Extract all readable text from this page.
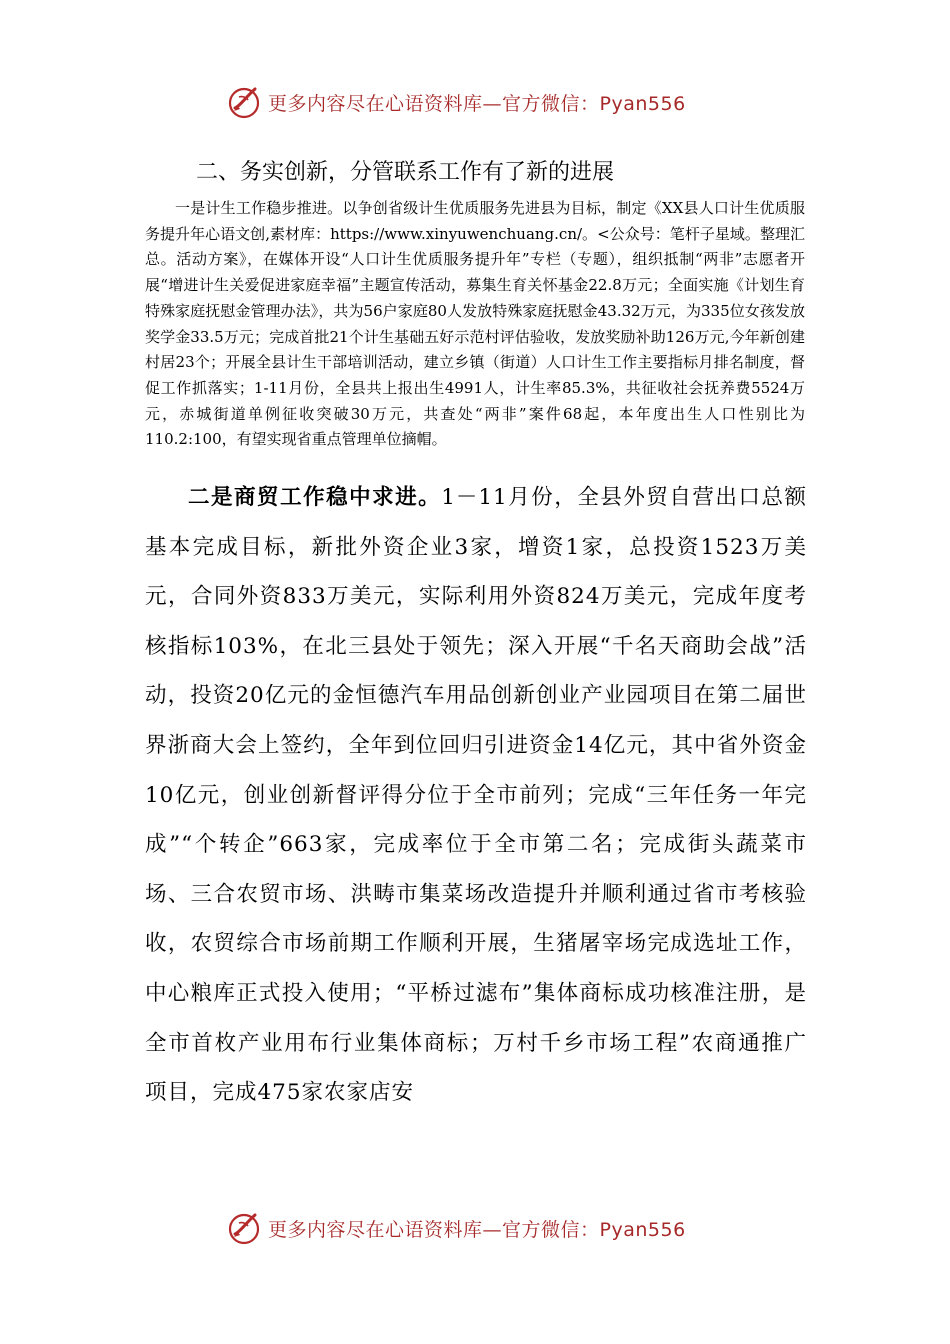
更多内容尽在心语资料库—官方微信：Pyan556
二、务实创新，分管联系工作有了新的进展
一是计生工作稳步推进。以争创省级计生优质服务先进县为目标，制定《XX县人口计生优质服务提升年心语文创,素材库：https://www.xinyuwenchuang.cn/。<公众号：笔杆子星域。整理汇总。活动方案》，在媒体开设“人口计生优质服务提升年”专栏（专题），组织抵制“两非”志愿者开展“增进计生关爱促进家庭幸福”主题宣传活动，募集生育关怀基金22.8万元；全面实施《计划生育特殊家庭抚慰金管理办法》，共为56户家庭80人发放特殊家庭抚慰金43.32万元，为335位女孩发放奖学金33.5万元；完成首批21个计生基础五好示范村评估验收，发放奖励补助126万元,今年新创建村居23个；开展全县计生干部培训活动，建立乡镇（街道）人口计生工作主要指标月排名制度，督促工作抓落实；1-11月份，全县共上报出生4991人，计生率85.3%，共征收社会抚养费5524万元，赤城街道单例征收突破30万元，共查处“两非”案件68起，本年度出生人口性别比为110.2:100，有望实现省重点管理单位摘帽。
二是商贸工作稳中求进。1－11月份，全县外贸自营出口总额基本完成目标，新批外资企业3家，增资1家，总投资1523万美元，合同外资833万美元，实际利用外资824万美元，完成年度考核指标103%，在北三县处于领先；深入开展“千名天商助会战”活动，投资20亿元的金恒德汽车用品创新创业产业园项目在第二届世界浙商大会上签约，全年到位回归引进资金14亿元，其中省外资金10亿元，创业创新督评得分位于全市前列；完成“三年任务一年完成”“个转企”663家，完成率位于全市第二名；完成街头蔬菜市场、三合农贸市场、洪畴市集菜场改造提升并顺利通过省市考核验收，农贸综合市场前期工作顺利开展，生猪屠宰场完成选址工作，中心粮库正式投入使用；“平桥过滤布”集体商标成功核准注册，是全市首枚产业用布行业集体商标；万村千乡市场工程”农商通推广项目，完成475家农家店安
更多内容尽在心语资料库—官方微信：Pyan556
